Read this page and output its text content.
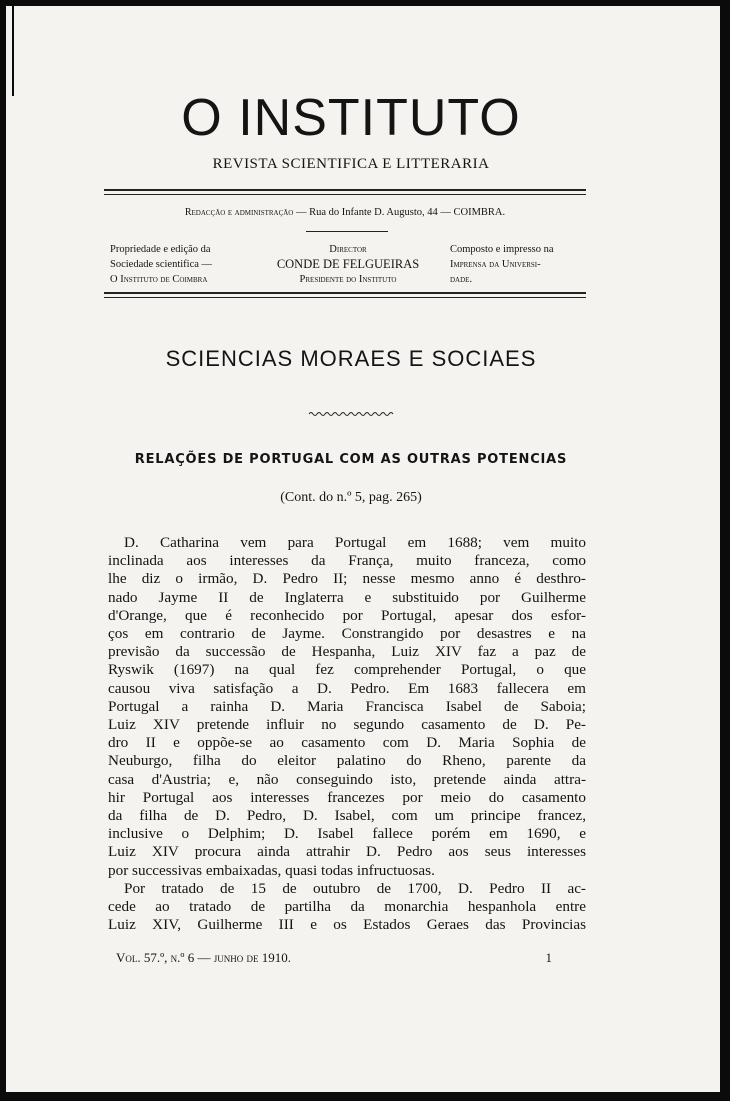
O INSTITUTO
REVISTA SCIENTIFICA E LITTERARIA
Redacção e administração — Rua do Infante D. Augusto, 44 — COIMBRA.
Propriedade e edição da
Sociedade scientifica —
O Instituto de Coimbra
Director
CONDE DE FELGUEIRAS
Presidente do Instituto
Composto e impresso na
Imprensa da Universi-
dade.
SCIENCIAS MORAES E SOCIAES
RELAÇÕES DE PORTUGAL COM AS OUTRAS POTENCIAS
(Cont. do n.º 5, pag. 265)
D. Catharina vem para Portugal em 1688; vem muito
inclinada aos interesses da França, muito franceza, como
lhe diz o irmão, D. Pedro II; nesse mesmo anno é desthro-
nado Jayme II de Inglaterra e substituido por Guilherme
d'Orange, que é reconhecido por Portugal, apesar dos esfor-
ços em contrario de Jayme. Constrangido por desastres e na
previsão da successão de Hespanha, Luiz XIV faz a paz de
Ryswik (1697) na qual fez comprehender Portugal, o que
causou viva satisfação a D. Pedro. Em 1683 fallecera em
Portugal a rainha D. Maria Francisca Isabel de Saboia;
Luiz XIV pretende influir no segundo casamento de D. Pe-
dro II e oppõe-se ao casamento com D. Maria Sophia de
Neuburgo, filha do eleitor palatino do Rheno, parente da
casa d'Austria; e, não conseguindo isto, pretende ainda attra-
hir Portugal aos interesses francezes por meio do casamento
da filha de D. Pedro, D. Isabel, com um principe francez,
inclusive o Delphim; D. Isabel fallece porém em 1690, e
Luiz XIV procura ainda attrahir D. Pedro aos seus interesses
por successivas embaixadas, quasi todas infructuosas.
Por tratado de 15 de outubro de 1700, D. Pedro II ac-
cede ao tratado de partilha da monarchia hespanhola entre
Luiz XIV, Guilherme III e os Estados Geraes das Provincias
Vol. 57.º, n.º 6 — junho de 1910.	1
